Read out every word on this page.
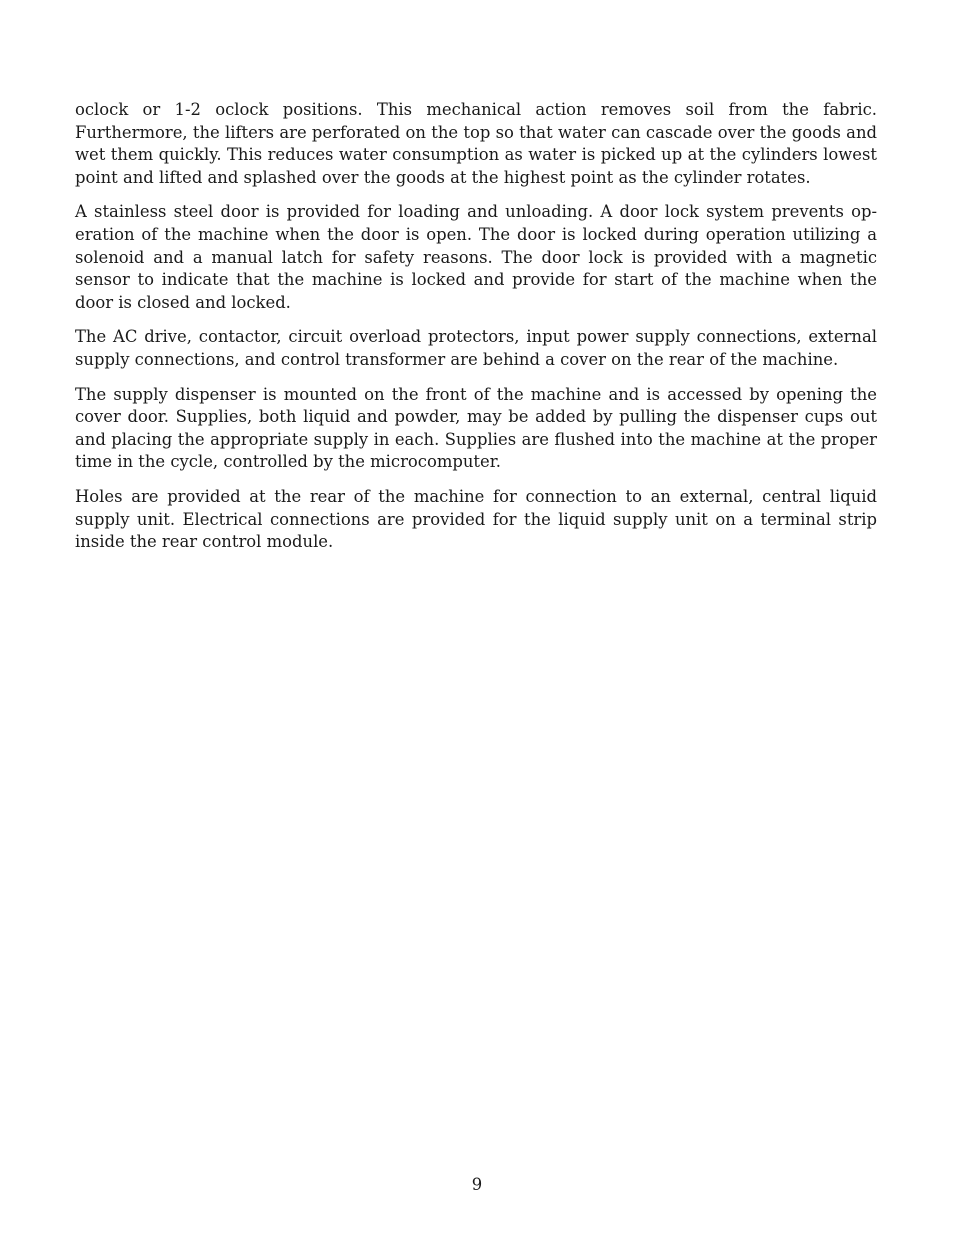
oclock or 1-2 oclock positions. This mechanical action removes soil from the fabric. Furthermore, the lifters are perforated on the top so that water can cascade over the goods and wet them quickly. This reduces water consumption as water is picked up at the cylinders lowest point and lifted and splashed over the goods at the highest point as the cylinder rotates.

A stainless steel door is provided for loading and unloading. A door lock system prevents operation of the machine when the door is open. The door is locked during operation utilizing a solenoid and a manual latch for safety reasons. The door lock is provided with a magnetic sensor to indicate that the machine is locked and provide for start of the machine when the door is closed and locked.

The AC drive, contactor, circuit overload protectors, input power supply connections, external supply connections, and control transformer are behind a cover on the rear of the machine.

The supply dispenser is mounted on the front of the machine and is accessed by opening the cover door. Supplies, both liquid and powder, may be added by pulling the dispenser cups out and placing the appropriate supply in each. Supplies are flushed into the machine at the proper time in the cycle, controlled by the microcomputer.

Holes are provided at the rear of the machine for connection to an external, central liquid supply unit. Electrical connections are provided for the liquid supply unit on a terminal strip inside the rear control module.

9
